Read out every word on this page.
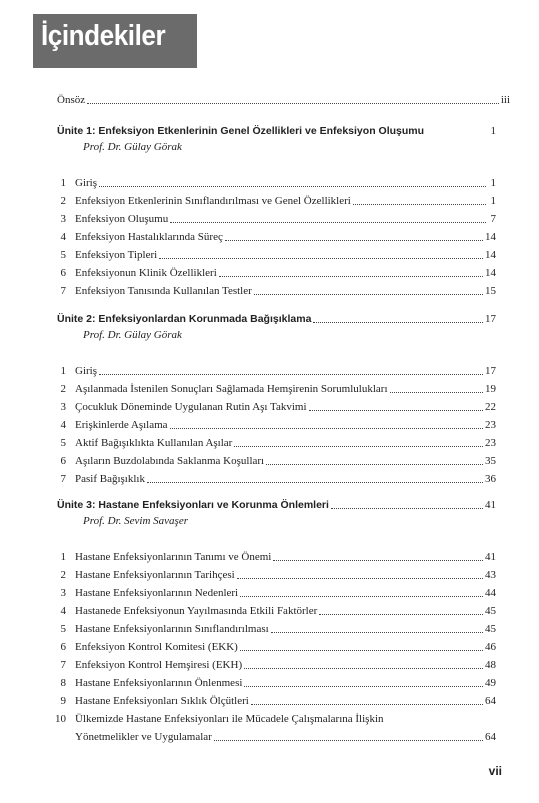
İçindekiler
Önsöz	iii
Ünite 1: Enfeksiyon Etkenlerinin Genel Özellikleri ve Enfeksiyon Oluşumu	1
Prof. Dr. Gülay Görak
1 Giriş	1
2 Enfeksiyon Etkenlerinin Sınıflandırılması ve Genel Özellikleri	1
3 Enfeksiyon Oluşumu	7
4 Enfeksiyon Hastalıklarında Süreç	14
5 Enfeksiyon Tipleri	14
6 Enfeksiyonun Klinik Özellikleri	14
7 Enfeksiyon Tanısında Kullanılan Testler	15
Ünite 2: Enfeksiyonlardan Korunmada Bağışıklama	17
Prof. Dr. Gülay Görak
1 Giriş	17
2 Aşılanmada İstenilen Sonuçları Sağlamada Hemşirenin Sorumlulukları	19
3 Çocukluk Döneminde Uygulanan Rutin Aşı Takvimi	22
4 Erişkinlerde Aşılama	23
5 Aktif Bağışıklıkta Kullanılan Aşılar	23
6 Aşıların Buzdolabında Saklanma Koşulları	35
7 Pasif Bağışıklık	36
Ünite 3: Hastane Enfeksiyonları ve Korunma Önlemleri	41
Prof. Dr. Sevim Savaşer
1 Hastane Enfeksiyonlarının Tanımı ve Önemi	41
2 Hastane Enfeksiyonlarının Tarihçesi	43
3 Hastane Enfeksiyonlarının Nedenleri	44
4 Hastanede Enfeksiyonun Yayılmasında Etkili Faktörler	45
5 Hastane Enfeksiyonlarının Sınıflandırılması	45
6 Enfeksiyon Kontrol Komitesi (EKK)	46
7 Enfeksiyon Kontrol Hemşiresi (EKH)	48
8 Hastane Enfeksiyonlarının Önlenmesi	49
9 Hastane Enfeksiyonları Sıklık Ölçütleri	64
10 Ülkemizde Hastane Enfeksiyonları ile Mücadele Çalışmalarına İlişkin
Yönetmelikler ve Uygulamalar	64
vii
